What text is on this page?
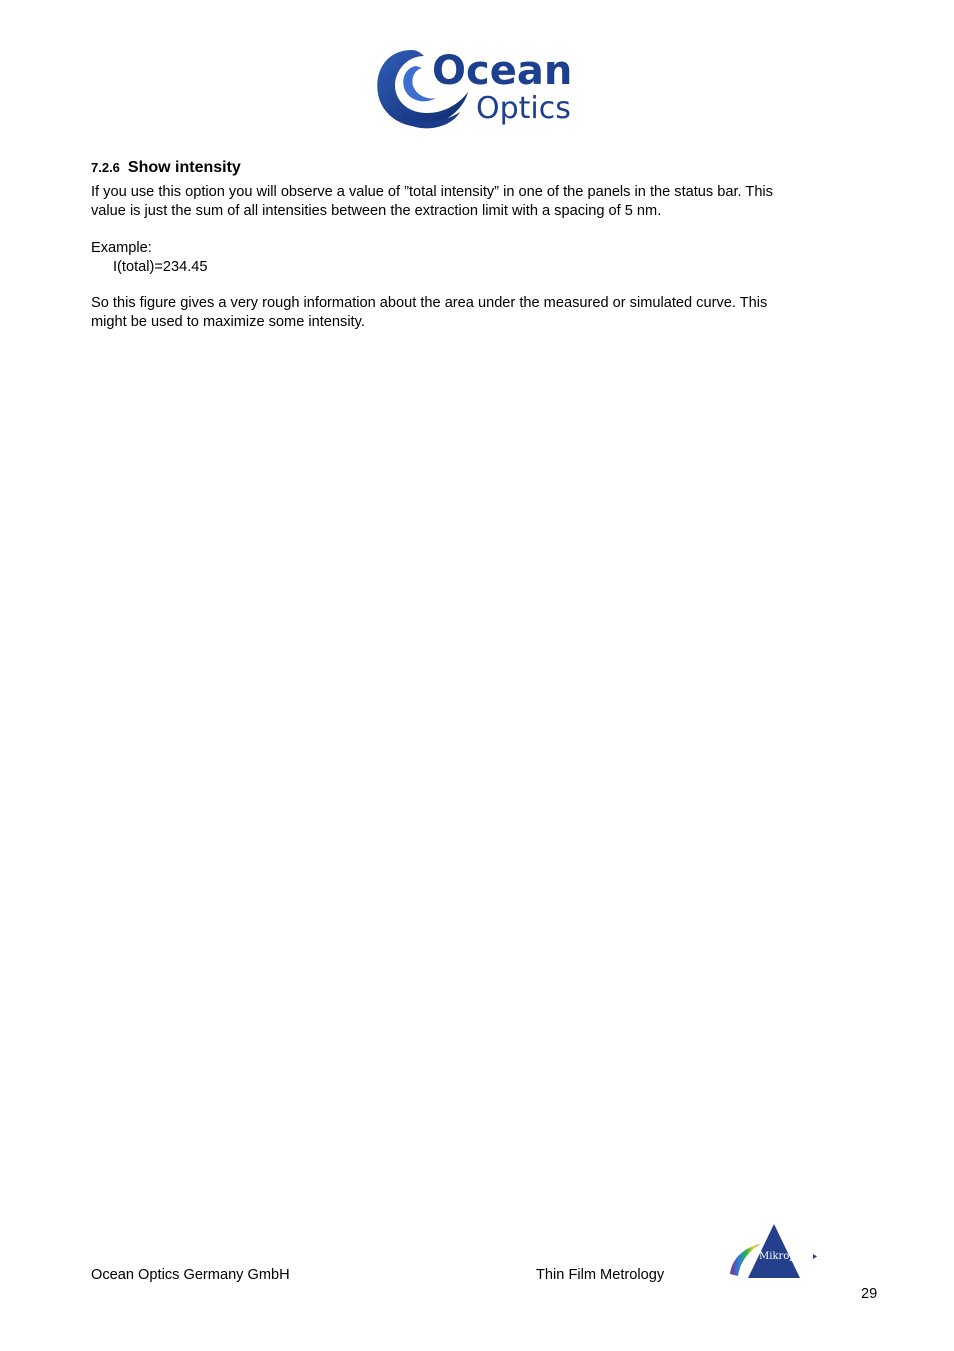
Ocean
Optics
7.2.6 Show intensity
If you use this option you will observe a value of ”total intensity” in one of the panels in the status bar. This
value is just the sum of all intensities between the extraction limit with a spacing of 5 nm.
Example:
I(total)=234.45
So this figure gives a very rough information about the area under the measured or simulated curve. This
might be used to maximize some intensity.
Mikropack
Ocean Optics Germany GmbH	Thin Film Metrology
29
